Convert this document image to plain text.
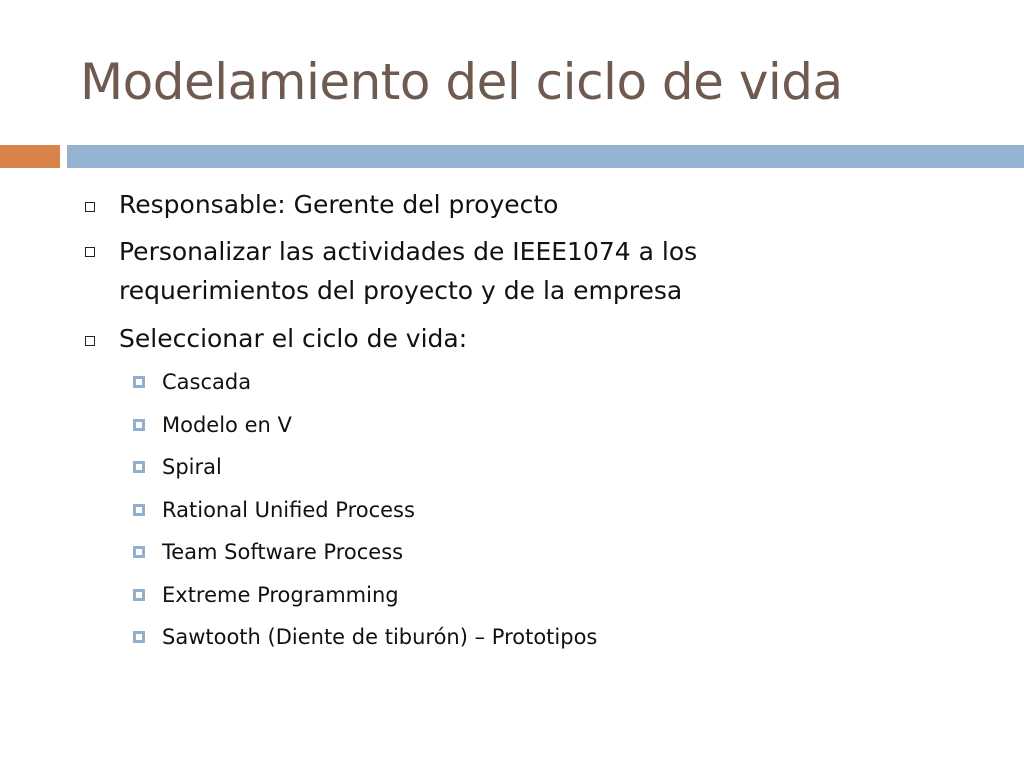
Modelamiento del ciclo de vida
Responsable: Gerente del proyecto
Personalizar las actividades de IEEE1074 a los
requerimientos del proyecto y de la empresa
Seleccionar el ciclo de vida:
Cascada
Modelo en V
Spiral
Rational Unified Process
Team Software Process
Extreme Programming
Sawtooth (Diente de tiburón) – Prototipos
